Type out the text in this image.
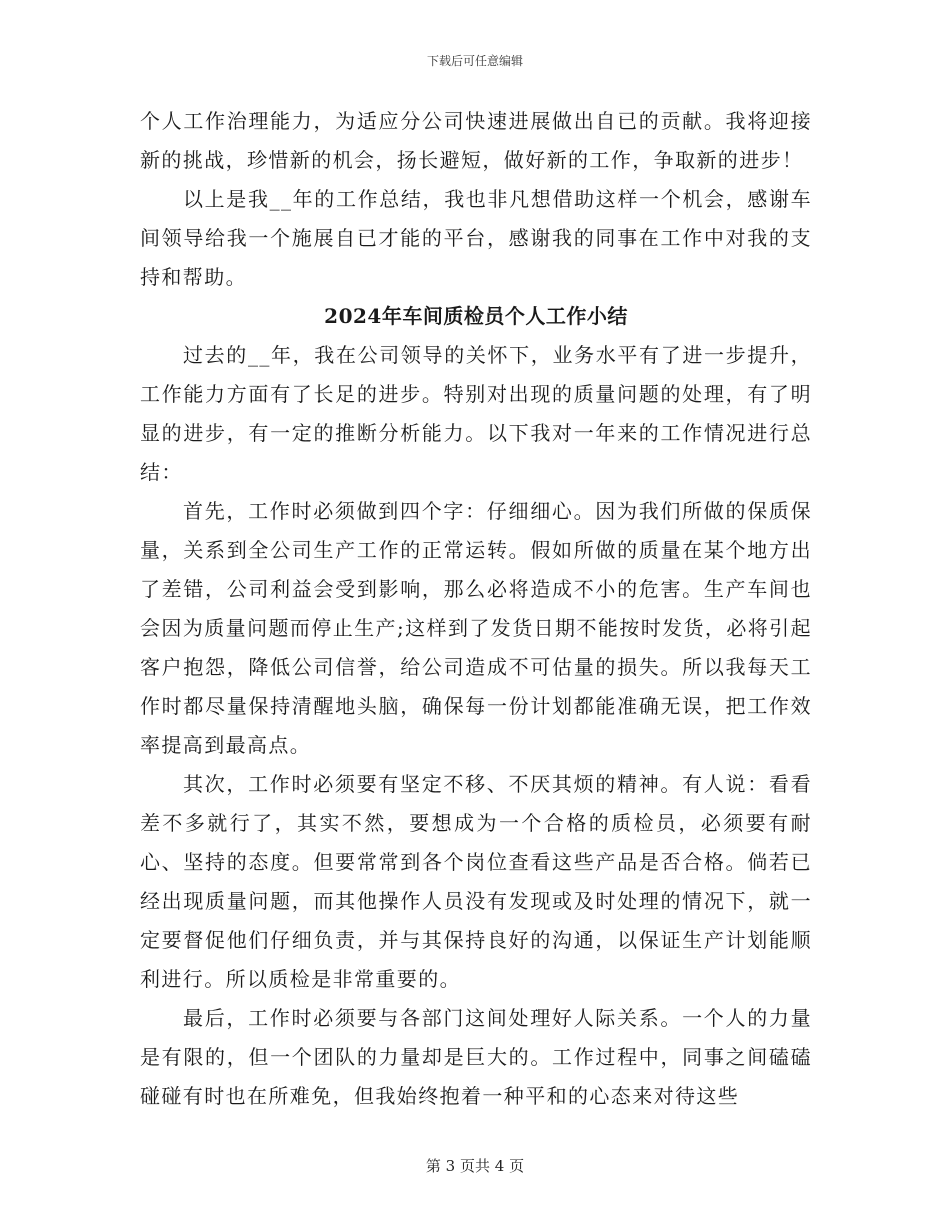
下载后可任意编辑

个人工作治理能力，为适应分公司快速进展做出自已的贡献。我将迎接新的挑战，珍惜新的机会，扬长避短，做好新的工作，争取新的进步！

以上是我__年的工作总结，我也非凡想借助这样一个机会，感谢车间领导给我一个施展自已才能的平台，感谢我的同事在工作中对我的支持和帮助。

2024年车间质检员个人工作小结

过去的__年，我在公司领导的关怀下，业务水平有了进一步提升，工作能力方面有了长足的进步。特别对出现的质量问题的处理，有了明显的进步，有一定的推断分析能力。以下我对一年来的工作情况进行总结：

首先，工作时必须做到四个字：仔细细心。因为我们所做的保质保量，关系到全公司生产工作的正常运转。假如所做的质量在某个地方出了差错，公司利益会受到影响，那么必将造成不小的危害。生产车间也会因为质量问题而停止生产;这样到了发货日期不能按时发货，必将引起客户抱怨，降低公司信誉，给公司造成不可估量的损失。所以我每天工作时都尽量保持清醒地头脑，确保每一份计划都能准确无误，把工作效率提高到最高点。

其次，工作时必须要有坚定不移、不厌其烦的精神。有人说：看看差不多就行了，其实不然，要想成为一个合格的质检员，必须要有耐心、坚持的态度。但要常常到各个岗位查看这些产品是否合格。倘若已经出现质量问题，而其他操作人员没有发现或及时处理的情况下，就一定要督促他们仔细负责，并与其保持良好的沟通，以保证生产计划能顺利进行。所以质检是非常重要的。

最后，工作时必须要与各部门这间处理好人际关系。一个人的力量是有限的，但一个团队的力量却是巨大的。工作过程中，同事之间磕磕碰碰有时也在所难免，但我始终抱着一种平和的心态来对待这些

第 3 页共 4 页
